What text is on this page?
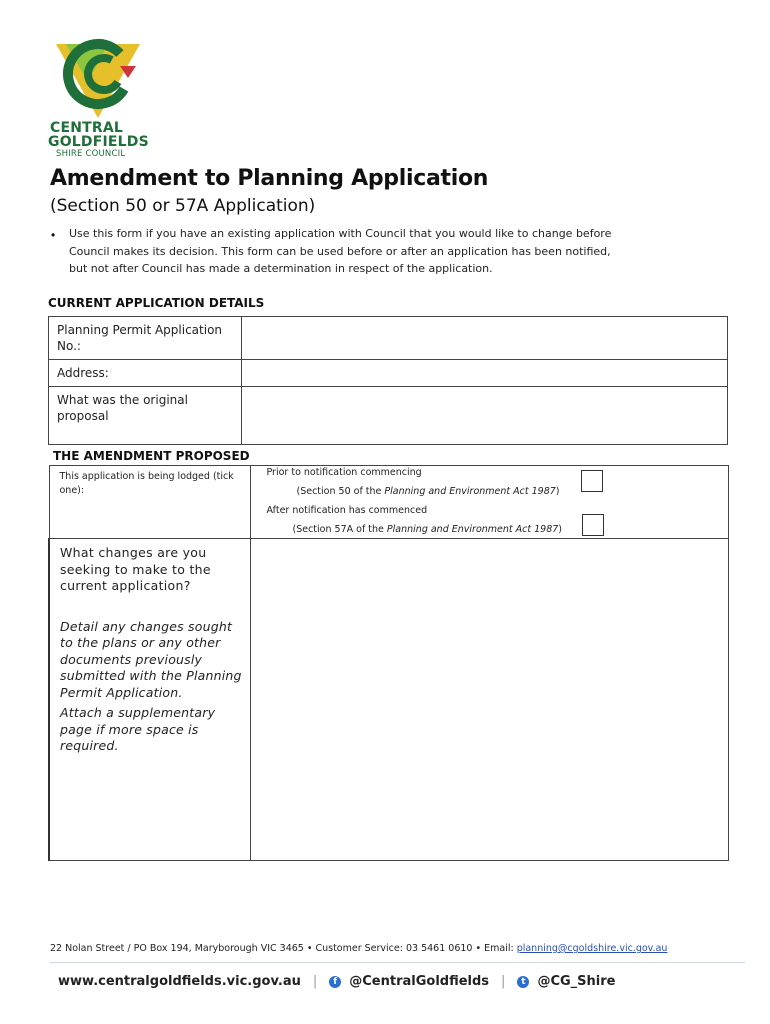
CENTRAL
GOLDFIELDS
SHIRE COUNCIL
Amendment to Planning Application
(Section 50 or 57A Application)
• Use this form if you have an existing application with Council that you would like to change before Council makes its decision. This form can be used before or after an application has been notified, but not after Council has made a determination in respect of the application.
CURRENT APPLICATION DETAILS
Planning Permit Application No.:	

Address:	

What was the original proposal	

THE AMENDMENT PROPOSED
This application is being lodged (tick one):	Prior to notification commencing
(Section 50 of the Planning and Environment Act 1987)
After notification has commenced
(Section 57A of the Planning and Environment Act 1987)

What changes are you seeking to make to the current application?
Detail any changes sought to the plans or any other documents previously submitted with the Planning Permit Application.
Attach a supplementary page if more space is required.	

22 Nolan Street / PO Box 194, Maryborough VIC 3465 • Customer Service: 03 5461 0610 • Email: planning@cgoldshire.vic.gov.au
www.centralgoldfields.vic.gov.au |	f @CentralGoldfields |	t @CG_Shire
